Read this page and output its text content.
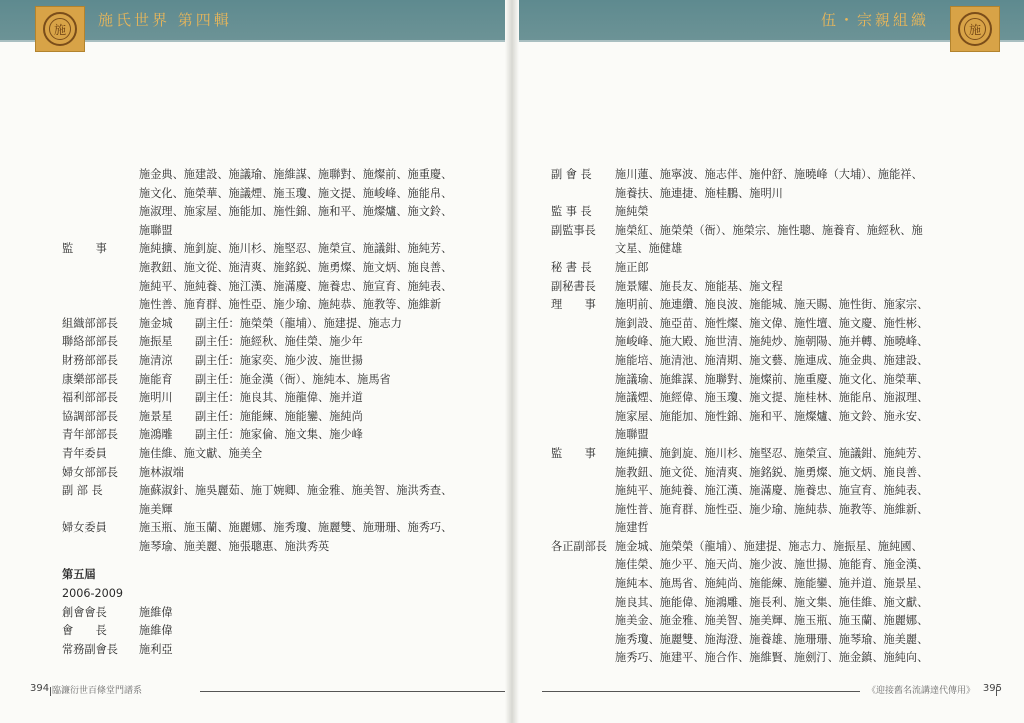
施
施氏世界 第四輯
施金典、施建設、施議瑜、施維謀、施聯對、施燦前、施重慶、
施文化、施榮華、施議煙、施玉瓊、施文提、施峻峰、施能帛、
施淑理、施家屋、施能加、施性錦、施和平、施燦爐、施文鈴、
施聯盟
監　　事	施純擴、施釗旋、施川杉、施堅忍、施榮宣、施議鉗、施純芳、
施教鈕、施文從、施清爽、施銘鋭、施勇燦、施文炳、施良善、
施純平、施純養、施江漢、施滿慶、施養忠、施宣育、施純表、
施性善、施育群、施性亞、施少瑜、施純恭、施教等、施維新
組織部部長	施金城　　副主任：施榮榮（龍埔）、施建提、施志力
聯絡部部長	施振星　　副主任：施經秋、施佳榮、施少年
財務部部長	施清涼　　副主任：施家奕、施少波、施世揚
康樂部部長	施能育　　副主任：施金漢（衙）、施純本、施馬省
福利部部長	施明川　　副主任：施良其、施龍偉、施并道
協調部部長	施景星　　副主任：施能練、施能鑾、施純尚
青年部部長	施鴻雕　　副主任：施家倫、施文集、施少峰
青年委員	施佳維、施文獻、施美全
婦女部部長	施林淑端
副 部 長	施蘇淑針、施吳麗茹、施丁婉卿、施金雅、施美智、施洪秀查、
施美輝
婦女委員	施玉瓶、施玉蘭、施麗娜、施秀瓊、施麗雙、施珊珊、施秀巧、
施琴瑜、施美麗、施張聰惠、施洪秀英
第五屆
2006-2009
創會會長	施維偉
會　　長	施維偉
常務副會長	施利亞
394 臨濂衍世百條堂門譜系
施
伍・宗親組織
副 會 長	施川蓮、施寧波、施志伴、施仲舒、施曉峰（大埔）、施能祥、
施養扶、施連捷、施桂鵬、施明川
監 事 長	施純榮
副監事長	施榮紅、施榮榮（衙）、施榮宗、施性聰、施養育、施經秋、施
文星、施健雄
秘 書 長	施正郎
副秘書長	施景耀、施長友、施能基、施文程
理　　事	施明前、施連纘、施良波、施能城、施天賜、施性街、施家宗、
施釗設、施亞苗、施性燦、施文偉、施性壇、施文慶、施性彬、
施峻峰、施大殿、施世清、施純炒、施朝陽、施并轉、施曉峰、
施能培、施清池、施清期、施文藝、施連成、施金典、施建設、
施議瑜、施維謀、施聯對、施燦前、施重慶、施文化、施榮華、
施議煙、施經偉、施玉瓊、施文提、施桂林、施能帛、施淑理、
施家屋、施能加、施性錦、施和平、施燦爐、施文鈴、施永安、
施聯盟
監　　事	施純擴、施釗旋、施川杉、施堅忍、施榮宣、施議鉗、施純芳、
施教鈕、施文從、施清爽、施銘鋭、施勇燦、施文炳、施良善、
施純平、施純養、施江漢、施滿慶、施養忠、施宣育、施純表、
施性普、施育群、施性亞、施少瑜、施純恭、施教等、施維新、
施建哲
各正副部長 施金城、施榮榮（龍埔）、施建提、施志力、施振星、施純國、
施佳榮、施少平、施天尚、施少波、施世揚、施能育、施金漢、
施純本、施馬省、施純尚、施能練、施能鑾、施并道、施景星、
施良其、施能偉、施鴻雕、施長利、施文集、施佳維、施文獻、
施美金、施金雅、施美智、施美輝、施玉瓶、施玉蘭、施麗娜、
施秀瓊、施麗雙、施海澄、施養雄、施珊珊、施琴瑜、施美麗、
施秀巧、施建平、施合作、施維賢、施劍汀、施金鎮、施純向、
《迎接舊名流講達代傳用》 395
